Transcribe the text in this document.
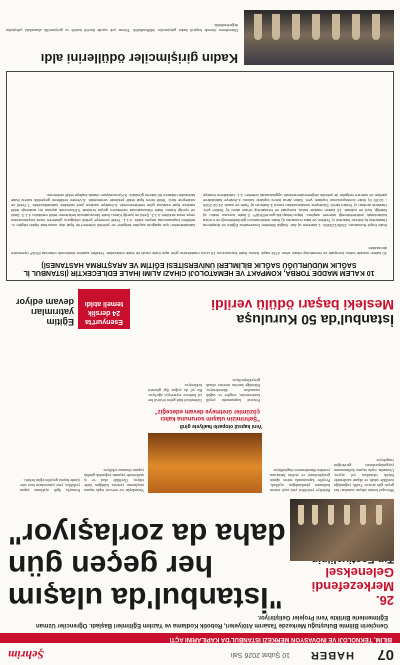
07
HABER
10 Şubat 2026 Salı
Şehrim
BİLİM, TEKNOLOJİ VE İNOVASYON MERKEZİ İSTANBUL'DA KAPILARINI AÇTI
Gençlerin Bilimle Buluştuğu Merkezde Tasarım Atölyeleri, Robotik Kodlama ve Yazılım Eğitimleri Başladı. Öğrenciler Uzman Eğitmenlerle Birlikte Yeni Projeler Geliştiriyor.
"İstanbul'da ulaşım
her geçen gün
daha da zorlaşıyor"
26. Merkezefendi Geleneksel
Metropol kentin ulaşım sorunları her geçen gün artıyor. Trafik yoğunluğu özellikle sabah ve akşam saatlerinde büyük sıkıntılara yol açıyor. Uzmanlar toplu taşıma kullanımının yaygınlaştırılması gerektiğini vurguluyor.
Belediye yetkilileri yeni raylı sistem hatlarının planlandığını açıkladı. Projeler kapsamında metro ağının genişletilmesi ve otobüs hatlarının yeniden düzenlenmesi öngörülüyor.
Vatandaşlar ise mevcut toplu taşıma araçlarının yetersiz kaldığını ifade ediyor. Özellikle okul ve iş saatlerinde yaşanan yoğunluk günlük yaşamı olumsuz etkiliyor.
Konuyla ilgili açıklama yapan yetkililer, yeni yatırımların kısa süre içinde hayata geçirileceğini belirtti.
Yeni kapsül otoparkı faaliyete girdi
"Şehrimizin ulaşım sorununa kalıcı çözümler üretmeye devam edeceğiz"
Festival kapsamında çeşitli konferanslar, sergiler ve sağlık taramaları düzenleniyor. Etkinliğe katılım ücretsiz olarak gerçekleştiriliyor.
Geleneksel hale gelen festival her yıl binlerce ziyaretçiyi ağırlıyor. Bu yıl da yoğun ilgi görmesi bekleniyor.
İstanbul'da 50 Kuruluşa
Mesleki başarı ödülü verildi
Esenyurt'ta
24 derslik
temeli atıldı
Eğitim yatırımları devam ediyor
10 KALEM MADDE TORBA, KOMPAKT VE HEMATOLOJİ CİHAZI ALIMI İHALE EDİLECEKTİR (İSTANBUL İL SAĞLIK MÜDÜRLÜĞÜ SAĞLIK BİLİMLERİ ÜNİVERSİTESİ EĞİTİM VE ARAŞTIRMA HASTANESİ)
10 kalem madde torba, kompakt ve hematoloji cihazı alımı 4734 sayılı Kamu İhale Kanununun 19 uncu maddesine göre açık ihale usulü ile ihale edilecektir. Teklifler sadece elektronik ortamda EKAP üzerinden alınacaktır.
İhale Kayıt Numarası: 2026/123456. 1-İdarenin a) Adı: Sağlık Bilimleri Üniversitesi Eğitim ve Araştırma Hastanesi b) Adresi: İstanbul c) Telefon ve faks numarası d) İhale dokümanının görülebileceği ve e-imza kullanılarak indirilebileceği internet sayfası: https://ekap.kik.gov.tr/EKAP/ 2-İhale konusu malın a) Niteliği, türü ve miktarı: 10 kalem madde torba, kompakt ve hematoloji cihazı alımı b) Teslim yeri: Hastane ambarı c) Teslim tarihi: Sözleşme imzalandıktan sonra 3-İhalenin a) Tarih ve saati: 24.02.2026 - 10:00 b) İhale komisyonunun toplantı yeri: Satın alma birimi toplantı salonu 4-İhaleye katılabilme şartları ve istenen belgeler ile yeterlik değerlendirmesinde uygulanacak kriterler: 4.1. İsteklilerin ihaleye katılabilmeleri için aşağıda sayılan belgeler ve yeterlik kriterleri ile fiyat dışı unsurlara ilişkin bilgiler e-teklifleri kapsamında beyan edilir. 4.1.1. Teklif vermeye yetkili olduğunu gösteren imza beyannamesi veya imza sirküleri 4.1.2. Şekli ve içeriği Kamu İhale Mevzuatında belirlenen teklif mektubu 4.1.3. Şekli ve içeriği Kamu İhale Mevzuatında belirlenen geçici teminat 5-Ekonomik açıdan en avantajlı teklif sadece fiyat esasına göre belirlenecektir. 6-İhaleye sadece yerli istekliler katılabilecektir. 7-Teklif ve sözleşme türü: Teklif birim fiyat teklif şeklinde verilecektir. 8-Verilen tekliflerin geçerlilik süresi ihale tarihinden itibaren 60 takvim günüdür. 9-Konsorsiyum olarak ihaleye teklif verilemez.
Kadın girişimciler ödüllerini aldı
Düzenlenen törende başarılı kadın girişimciler ödüllendirildi. Törene çok sayıda davetli katıldı ve girişimcilik alanındaki çalışmalar değerlendirildi.
